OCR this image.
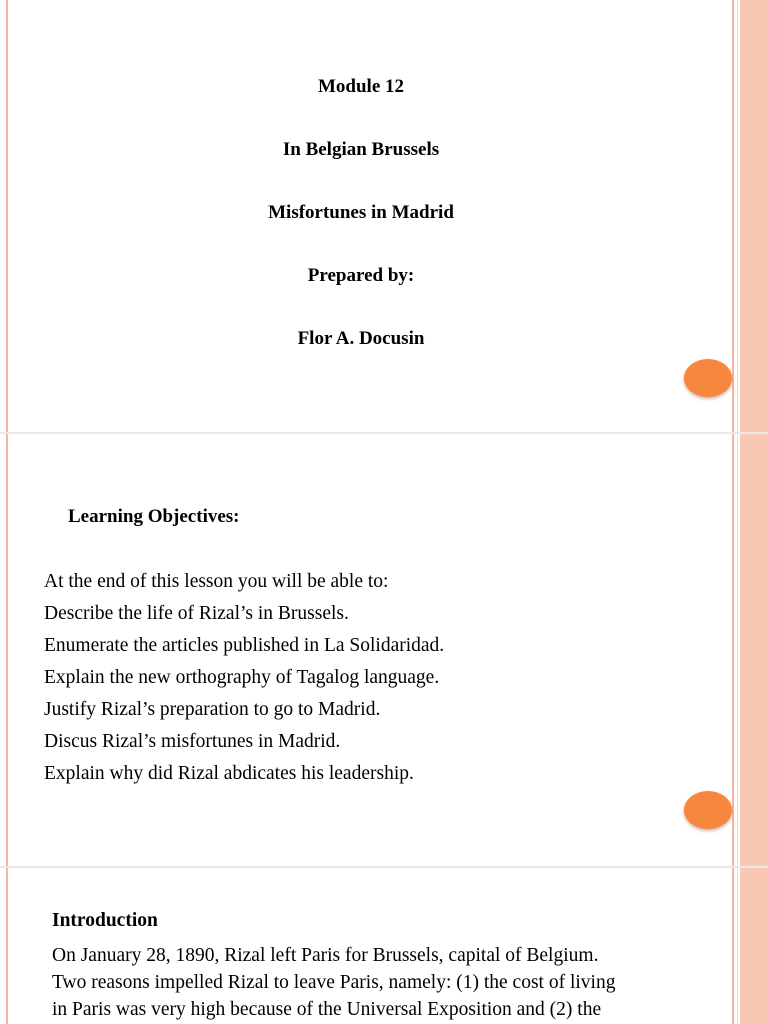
Module 12
In Belgian Brussels
Misfortunes in Madrid
Prepared by:
Flor A. Docusin
Learning Objectives:
At the end of this lesson you will be able to:
Describe the life of Rizal’s in Brussels.
Enumerate the articles published in La Solidaridad.
Explain the new orthography of Tagalog language.
Justify Rizal’s preparation to go to Madrid.
Discus Rizal’s misfortunes in Madrid.
Explain why did Rizal abdicates his leadership.
Introduction
On January 28, 1890, Rizal left Paris for Brussels, capital of Belgium.
Two reasons impelled Rizal to leave Paris, namely: (1) the cost of living
in Paris was very high because of the Universal Exposition and (2) the
